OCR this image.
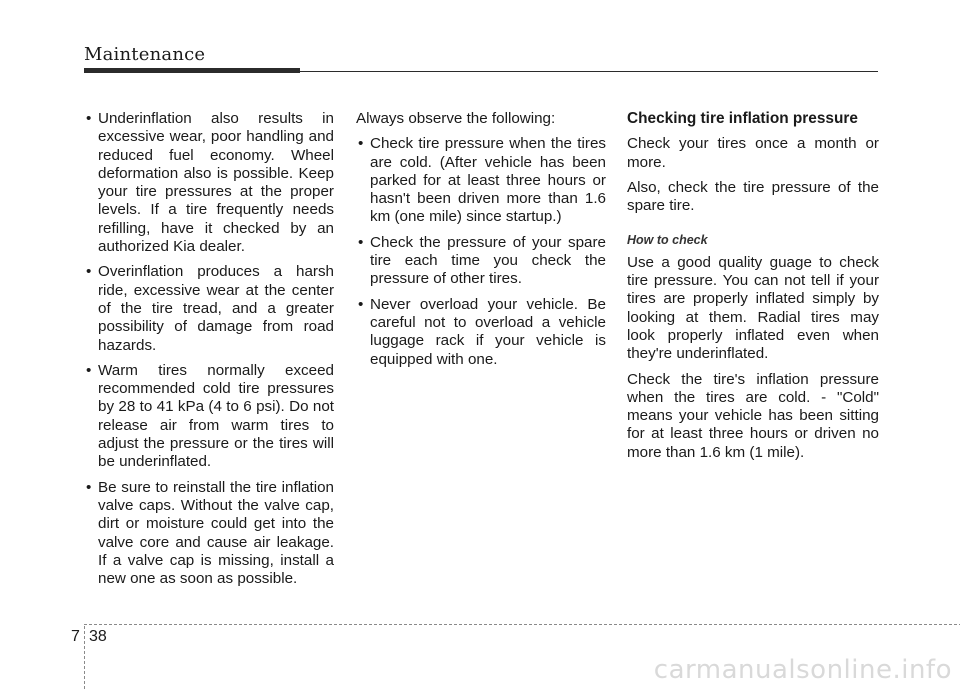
Maintenance
• Underinflation also results in excessive wear, poor handling and reduced fuel economy. Wheel deformation also is possible. Keep your tire pressures at the proper levels. If a tire frequently needs refilling, have it checked by an authorized Kia dealer.
• Overinflation produces a harsh ride, excessive wear at the center of the tire tread, and a greater possibility of damage from road hazards.
• Warm tires normally exceed recommended cold tire pressures by 28 to 41 kPa (4 to 6 psi). Do not release air from warm tires to adjust the pressure or the tires will be underinflated.
• Be sure to reinstall the tire inflation valve caps. Without the valve cap, dirt or moisture could get into the valve core and cause air leakage. If a valve cap is missing, install a new one as soon as possible.

Always observe the following:

• Check tire pressure when the tires are cold. (After vehicle has been parked for at least three hours or hasn't been driven more than 1.6 km (one mile) since startup.)
• Check the pressure of your spare tire each time you check the pressure of other tires.
• Never overload your vehicle. Be careful not to overload a vehicle luggage rack if your vehicle is equipped with one.
Checking tire inflation pressure

Check your tires once a month or more.

Also, check the tire pressure of the spare tire.

How to check

Use a good quality guage to check tire pressure. You can not tell if your tires are properly inflated simply by looking at them. Radial tires may look properly inflated even when they're underinflated.

Check the tire's inflation pressure when the tires are cold. - "Cold" means your vehicle has been sitting for at least three hours or driven no more than 1.6 km (1 mile).

7 38
carmanualsonline.info
